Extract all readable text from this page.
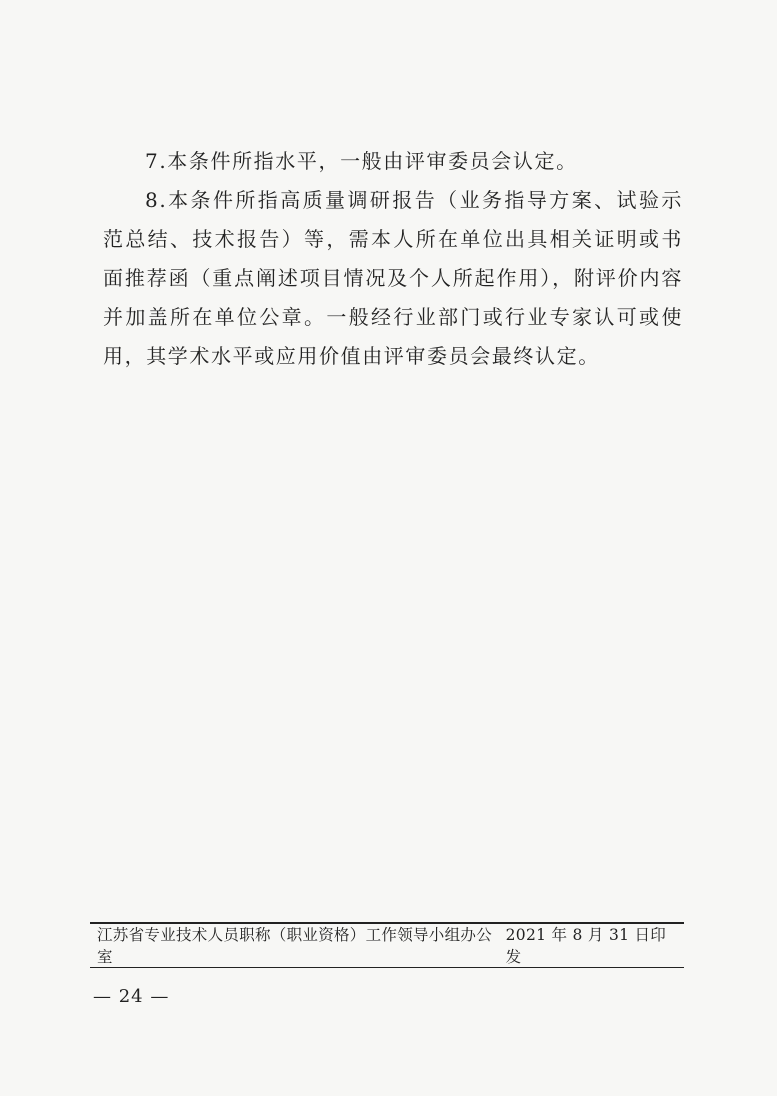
7.本条件所指水平，一般由评审委员会认定。

8.本条件所指高质量调研报告（业务指导方案、试验示范总结、技术报告）等，需本人所在单位出具相关证明或书面推荐函（重点阐述项目情况及个人所起作用），附评价内容并加盖所在单位公章。一般经行业部门或行业专家认可或使用，其学术水平或应用价值由评审委员会最终认定。

江苏省专业技术人员职称（职业资格）工作领导小组办公室
2021 年 8 月 31 日印发
— 24 —
